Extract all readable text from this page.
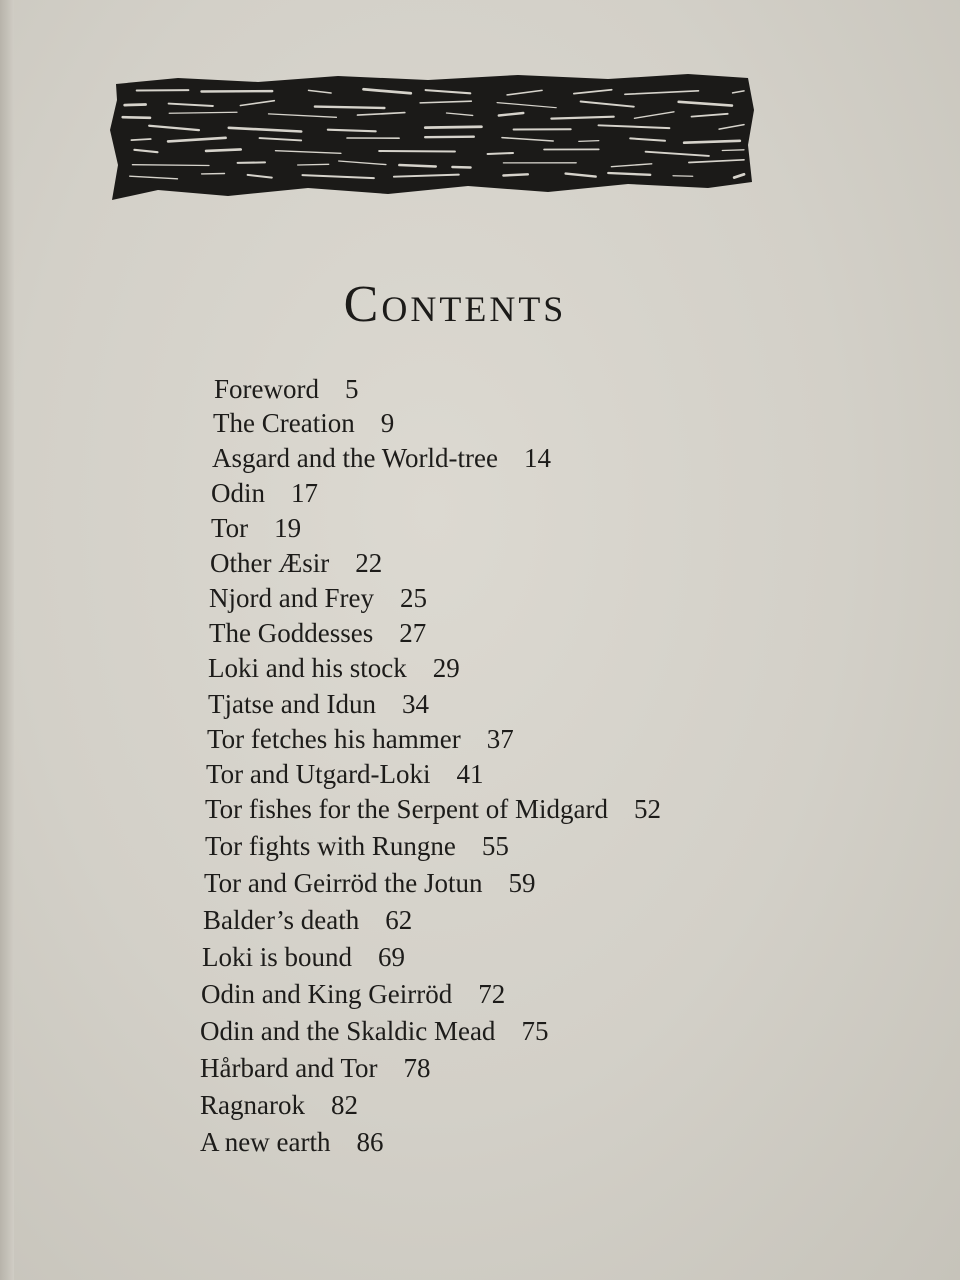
Contents
Foreword 5
The Creation 9
Asgard and the World-tree 14
Odin 17
Tor 19
Other Æsir 22
Njord and Frey 25
The Goddesses 27
Loki and his stock 29
Tjatse and Idun 34
Tor fetches his hammer 37
Tor and Utgard-Loki 41
Tor fishes for the Serpent of Midgard 52
Tor fights with Rungne 55
Tor and Geirröd the Jotun 59
Balder’s death 62
Loki is bound 69
Odin and King Geirröd 72
Odin and the Skaldic Mead 75
Hårbard and Tor 78
Ragnarok 82
A new earth 86
